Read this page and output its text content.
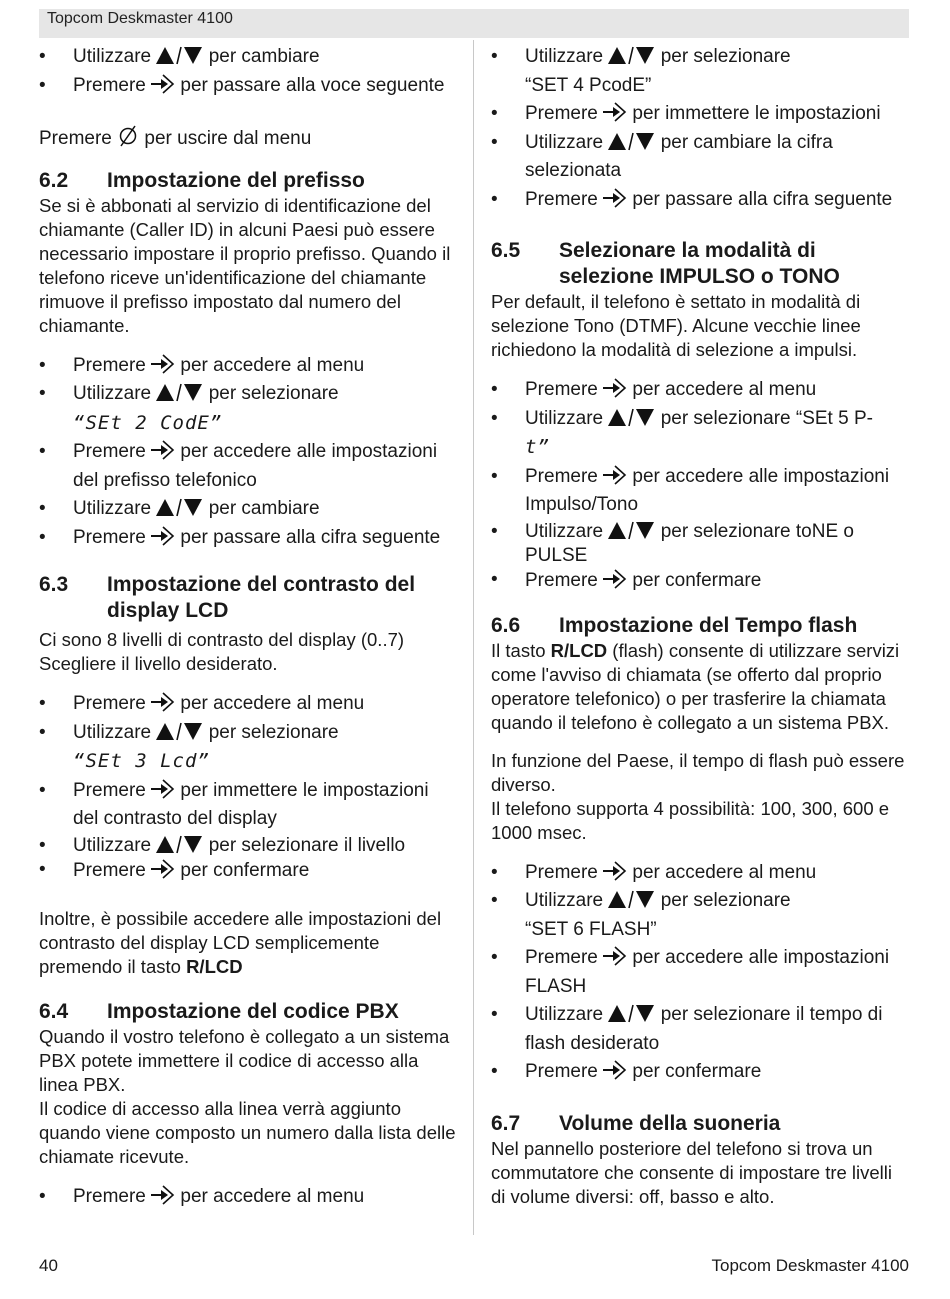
Topcom Deskmaster 4100
•	Utilizzare	per cambiare
•	Premere per passare alla voce seguente
Premere per uscire dal menu
6.2	Impostazione del prefisso

Se si è abbonati al servizio di identificazione del chiamante (Caller ID) in alcuni Paesi può essere necessario impostare il proprio prefisso. Quando il telefono riceve un'identificazione del chiamante rimuove il prefisso impostato dal numero del chiamante.

•	Premere per accedere al menu
•	Utilizzare	per selezionare
“SEt 2 CodE”
•	Premere per accedere alle impostazioni
del prefisso telefonico
•	Utilizzare	per cambiare
•	Premere per passare alla cifra seguente
6.3	Impostazione del contrasto del
display LCD

Ci sono 8 livelli di contrasto del display (0..7) Scegliere il livello desiderato.

•	Premere per accedere al menu
•	Utilizzare	per selezionare
“SEt 3 Lcd”
•	Premere per immettere le impostazioni
del contrasto del display
•	Utilizzare	per selezionare il livello
•	Premere per confermare

Inoltre, è possibile accedere alle impostazioni del contrasto del display LCD semplicemente premendo il tasto R/LCD

6.4	Impostazione del codice PBX

Quando il vostro telefono è collegato a un sistema PBX potete immettere il codice di accesso alla linea PBX.

Il codice di accesso alla linea verrà aggiunto quando viene composto un numero dalla lista delle chiamate ricevute.

•	Premere per accedere al menu
•	Utilizzare	per selezionare
“SET 4 PcodE”
•	Premere per immettere le impostazioni
•	Utilizzare	per cambiare la cifra
selezionata
•	Premere per passare alla cifra seguente
6.5	Selezionare la modalità di
selezione IMPULSO o TONO

Per default, il telefono è settato in modalità di selezione Tono (DTMF). Alcune vecchie linee richiedono la modalità di selezione a impulsi.

•	Premere per accedere al menu
•	Utilizzare	per selezionare “SEt 5 P-
t”
•	Premere per accedere alle impostazioni
Impulso/Tono
•	Utilizzare	per selezionare toNE o
PULSE
•	Premere per confermare
6.6	Impostazione del Tempo flash

Il tasto R/LCD (flash) consente di utilizzare servizi come l'avviso di chiamata (se offerto dal proprio operatore telefonico) o per trasferire la chiamata quando il telefono è collegato a un sistema PBX.

In funzione del Paese, il tempo di flash può essere diverso.

Il telefono supporta 4 possibilità: 100, 300, 600 e 1000 msec.

•	Premere per accedere al menu
•	Utilizzare	per selezionare
“SET 6 FLASH”
•	Premere per accedere alle impostazioni
FLASH
•	Utilizzare	per selezionare il tempo di
flash desiderato
•	Premere per confermare
6.7	Volume della suoneria

Nel pannello posteriore del telefono si trova un commutatore che consente di impostare tre livelli di volume diversi: off, basso e alto.

40	Topcom Deskmaster 4100
